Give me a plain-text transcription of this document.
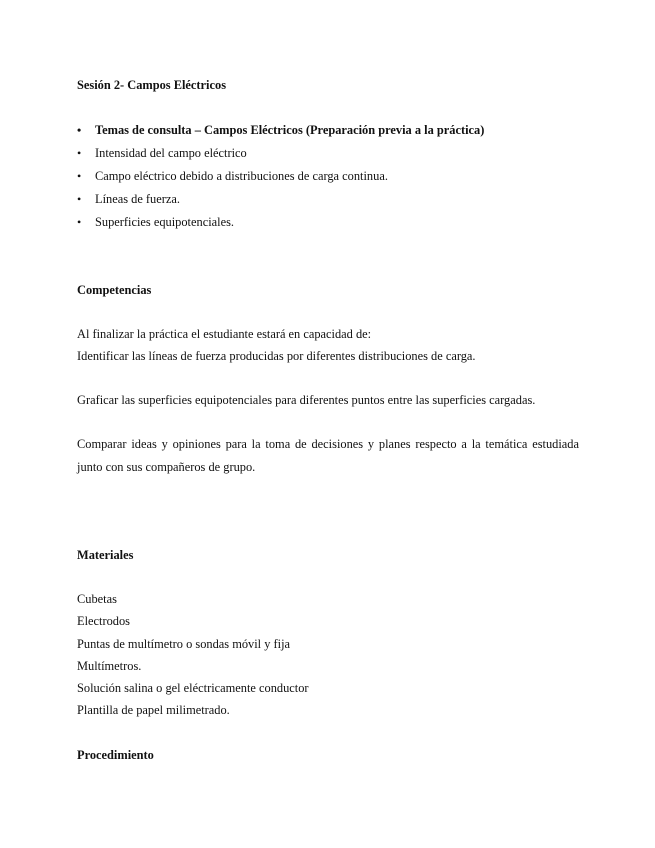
Sesión 2- Campos Eléctricos
• Temas de consulta – Campos Eléctricos (Preparación previa a la práctica)
• Intensidad del campo eléctrico
• Campo eléctrico debido a distribuciones de carga continua.
• Líneas de fuerza.
• Superficies equipotenciales.
Competencias
Al finalizar la práctica el estudiante estará en capacidad de:
Identificar las líneas de fuerza producidas por diferentes distribuciones de carga.
Graficar las superficies equipotenciales para diferentes puntos entre las superficies cargadas.
Comparar ideas y opiniones para la toma de decisiones y planes respecto a la temática estudiada
junto con sus compañeros de grupo.
Materiales
Cubetas
Electrodos
Puntas de multímetro o sondas móvil y fija
Multímetros.
Solución salina o gel eléctricamente conductor
Plantilla de papel milimetrado.
Procedimiento
